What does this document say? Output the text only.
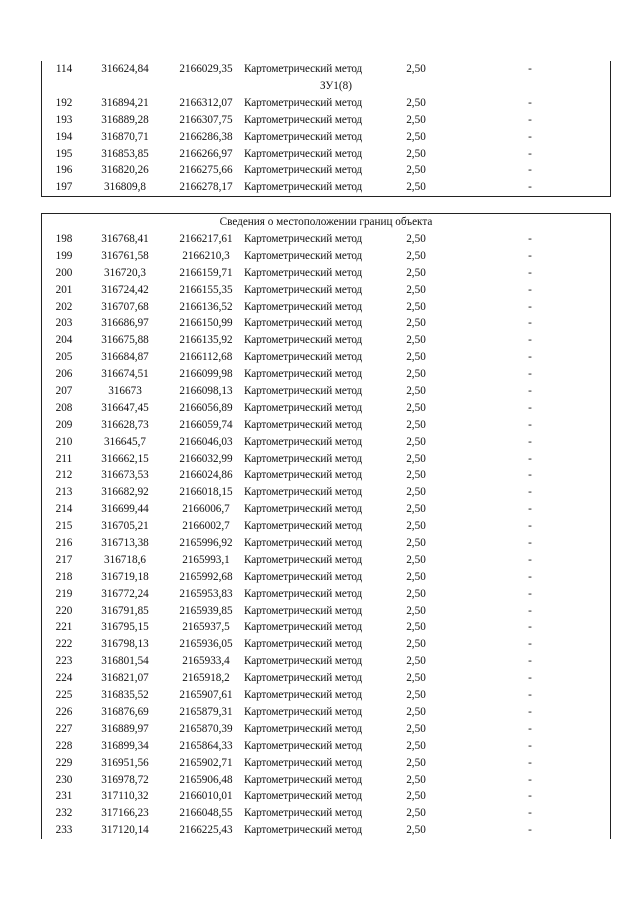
114	316624,84	2166029,35	Картометрический метод	2,50	-
ЗУ1(8)
192	316894,21	2166312,07	Картометрический метод	2,50	-
193	316889,28	2166307,75	Картометрический метод	2,50	-
194	316870,71	2166286,38	Картометрический метод	2,50	-
195	316853,85	2166266,97	Картометрический метод	2,50	-
196	316820,26	2166275,66	Картометрический метод	2,50	-
197	316809,8	2166278,17	Картометрический метод	2,50	-
Сведения о местоположении границ объекта
198	316768,41	2166217,61	Картометрический метод	2,50	-
199	316761,58	2166210,3	Картометрический метод	2,50	-
200	316720,3	2166159,71	Картометрический метод	2,50	-
201	316724,42	2166155,35	Картометрический метод	2,50	-
202	316707,68	2166136,52	Картометрический метод	2,50	-
203	316686,97	2166150,99	Картометрический метод	2,50	-
204	316675,88	2166135,92	Картометрический метод	2,50	-
205	316684,87	2166112,68	Картометрический метод	2,50	-
206	316674,51	2166099,98	Картометрический метод	2,50	-
207	316673	2166098,13	Картометрический метод	2,50	-
208	316647,45	2166056,89	Картометрический метод	2,50	-
209	316628,73	2166059,74	Картометрический метод	2,50	-
210	316645,7	2166046,03	Картометрический метод	2,50	-
211	316662,15	2166032,99	Картометрический метод	2,50	-
212	316673,53	2166024,86	Картометрический метод	2,50	-
213	316682,92	2166018,15	Картометрический метод	2,50	-
214	316699,44	2166006,7	Картометрический метод	2,50	-
215	316705,21	2166002,7	Картометрический метод	2,50	-
216	316713,38	2165996,92	Картометрический метод	2,50	-
217	316718,6	2165993,1	Картометрический метод	2,50	-
218	316719,18	2165992,68	Картометрический метод	2,50	-
219	316772,24	2165953,83	Картометрический метод	2,50	-
220	316791,85	2165939,85	Картометрический метод	2,50	-
221	316795,15	2165937,5	Картометрический метод	2,50	-
222	316798,13	2165936,05	Картометрический метод	2,50	-
223	316801,54	2165933,4	Картометрический метод	2,50	-
224	316821,07	2165918,2	Картометрический метод	2,50	-
225	316835,52	2165907,61	Картометрический метод	2,50	-
226	316876,69	2165879,31	Картометрический метод	2,50	-
227	316889,97	2165870,39	Картометрический метод	2,50	-
228	316899,34	2165864,33	Картометрический метод	2,50	-
229	316951,56	2165902,71	Картометрический метод	2,50	-
230	316978,72	2165906,48	Картометрический метод	2,50	-
231	317110,32	2166010,01	Картометрический метод	2,50	-
232	317166,23	2166048,55	Картометрический метод	2,50	-
233	317120,14	2166225,43	Картометрический метод	2,50	-
